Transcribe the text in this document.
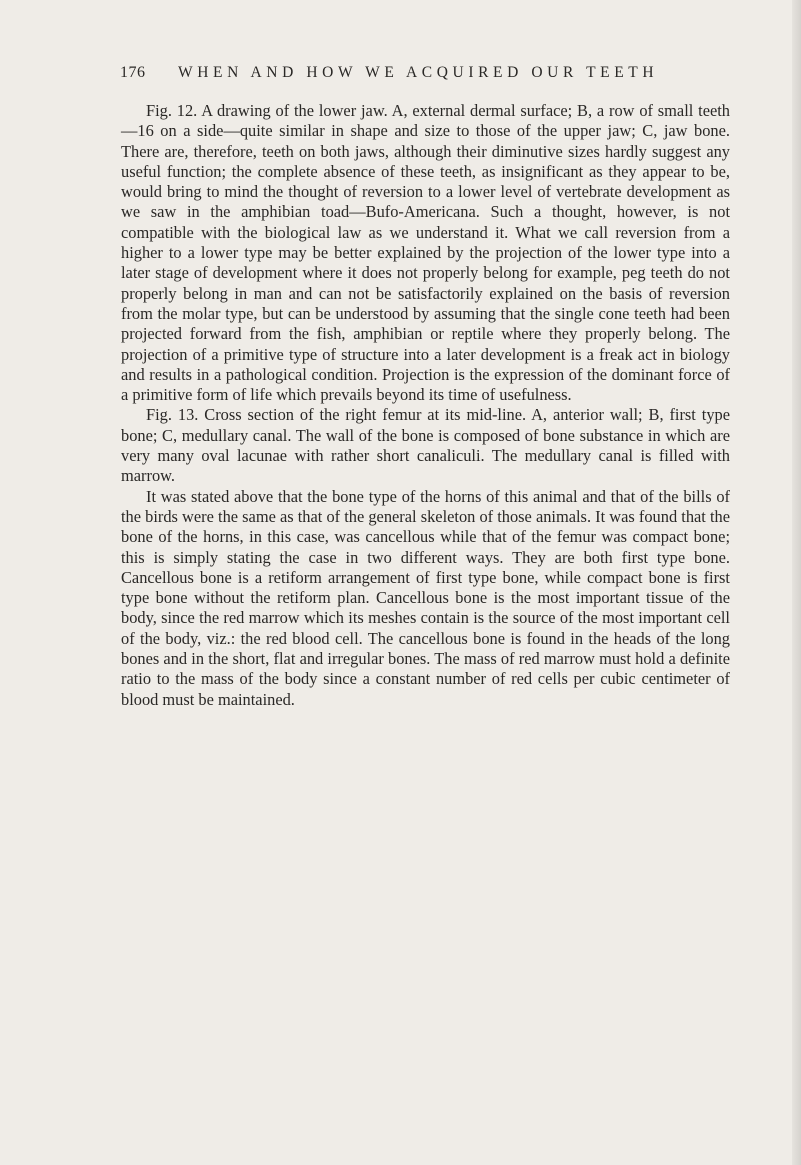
176 WHEN AND HOW WE ACQUIRED OUR TEETH

Fig. 12. A drawing of the lower jaw. A, external dermal surface; B, a row of small teeth—16 on a side—quite similar in shape and size to those of the upper jaw; C, jaw bone. There are, therefore, teeth on both jaws, although their diminutive sizes hardly suggest any useful function; the complete absence of these teeth, as insignificant as they appear to be, would bring to mind the thought of reversion to a lower level of vertebrate development as we saw in the amphibian toad—Bufo-Americana. Such a thought, however, is not compatible with the biological law as we understand it. What we call reversion from a higher to a lower type may be better explained by the projection of the lower type into a later stage of development where it does not properly belong for example, peg teeth do not properly belong in man and can not be satisfactorily explained on the basis of reversion from the molar type, but can be understood by assuming that the single cone teeth had been projected forward from the fish, amphibian or reptile where they properly belong. The projection of a primitive type of structure into a later development is a freak act in biology and results in a pathological condition. Projection is the expression of the dominant force of a primitive form of life which prevails beyond its time of usefulness.

Fig. 13. Cross section of the right femur at its mid-line. A, anterior wall; B, first type bone; C, medullary canal. The wall of the bone is composed of bone substance in which are very many oval lacunae with rather short canaliculi. The medullary canal is filled with marrow.

It was stated above that the bone type of the horns of this animal and that of the bills of the birds were the same as that of the general skeleton of those animals. It was found that the bone of the horns, in this case, was cancellous while that of the femur was compact bone; this is simply stating the case in two different ways. They are both first type bone. Cancellous bone is a retiform arrangement of first type bone, while compact bone is first type bone without the retiform plan. Cancellous bone is the most important tissue of the body, since the red marrow which its meshes contain is the source of the most important cell of the body, viz.: the red blood cell. The cancellous bone is found in the heads of the long bones and in the short, flat and irregular bones. The mass of red marrow must hold a definite ratio to the mass of the body since a constant number of red cells per cubic centimeter of blood must be maintained.
